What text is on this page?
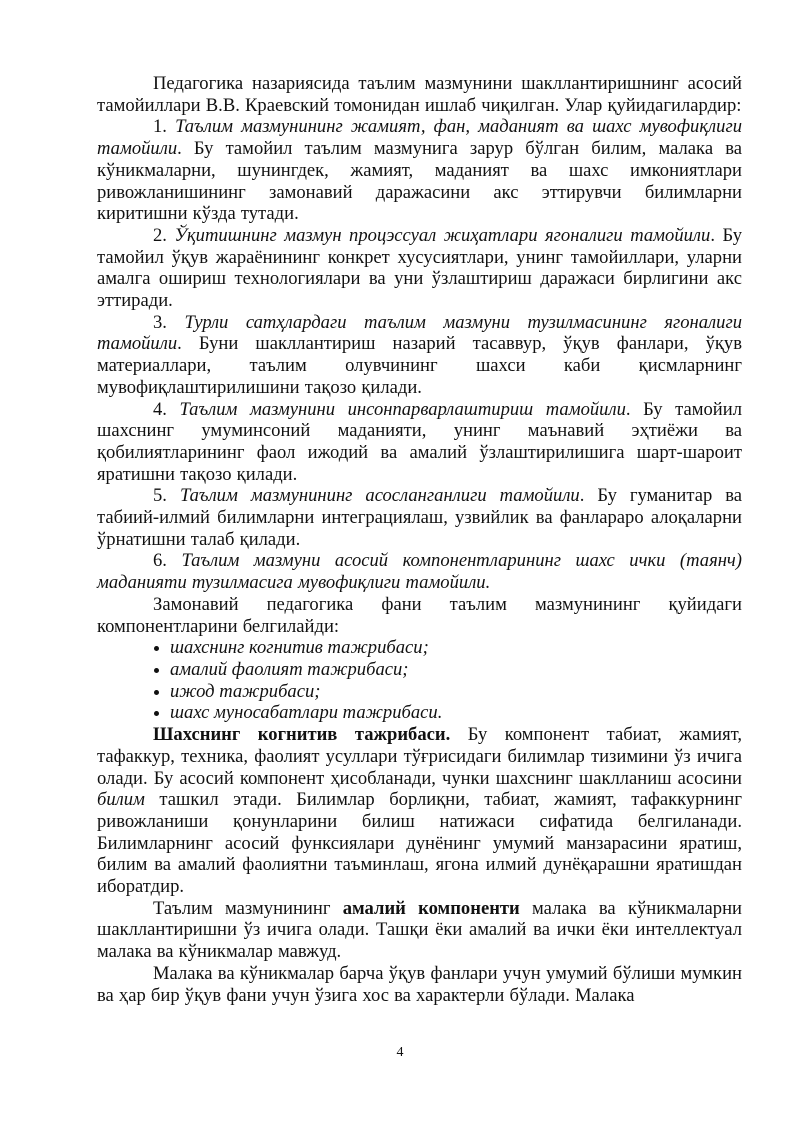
Педагогика назариясида таълим мазмунини шакллантиришнинг асосий тамойиллари В.В. Краевский томонидан ишлаб чиқилган. Улар қуйидагилардир:

1. Таълим мазмунининг жамият, фан, маданият ва шахс мувофиқлиги тамойили. Бу тамойил таълим мазмунига зарур бўлган билим, малака ва кўникмаларни, шунингдек, жамият, маданият ва шахс имкониятлари ривожланишининг замонавий даражасини акс эттирувчи билимларни киритишни кўзда тутади.

2. Ўқитишнинг мазмун процэссуал жиҳатлари ягоналиги тамойили. Бу тамойил ўқув жараёнининг конкрет хусусиятлари, унинг тамойиллари, уларни амалга ошириш технологиялари ва уни ўзлаштириш даражаси бирлигини акс эттиради.

3. Турли сатҳлардаги таълим мазмуни тузилмасининг ягоналиги тамойили. Буни шакллантириш назарий тасаввур, ўқув фанлари, ўқув материаллари, таълим олувчининг шахси каби қисмларнинг мувофиқлаштирилишини тақозо қилади.

4. Таълим мазмунини инсонпарварлаштириш тамойили. Бу тамойил шахснинг умуминсоний маданияти, унинг маънавий эҳтиёжи ва қобилиятларининг фаол ижодий ва амалий ўзлаштирилишига шарт-шароит яратишни тақозо қилади.

5. Таълим мазмунининг асосланганлиги тамойили. Бу гуманитар ва табиий-илмий билимларни интеграциялаш, узвийлик ва фанлараро алоқаларни ўрнатишни талаб қилади.

6. Таълим мазмуни асосий компонентларининг шахс ички (таянч) маданияти тузилмасига мувофиқлиги тамойили.

Замонавий педагогика фани таълим мазмунининг қуйидаги компонентларини белгилайди:

шахснинг когнитив тажрибаси;
амалий фаолият тажрибаси;
ижод тажрибаси;
шахс муносабатлари тажрибаси.

Шахснинг когнитив тажрибаси. Бу компонент табиат, жамият, тафаккур, техника, фаолият усуллари тўғрисидаги билимлар тизимини ўз ичига олади. Бу асосий компонент ҳисобланади, чунки шахснинг шаклланиш асосини билим ташкил этади. Билимлар борлиқни, табиат, жамият, тафаккурнинг ривожланиши қонунларини билиш натижаси сифатида белгиланади. Билимларнинг асосий функсиялари дунёнинг умумий манзарасини яратиш, билим ва амалий фаолиятни таъминлаш, ягона илмий дунёқарашни яратишдан иборатдир.

Таълим мазмунининг амалий компоненти малака ва кўникмаларни шакллантиришни ўз ичига олади. Ташқи ёки амалий ва ички ёки интеллектуал малака ва кўникмалар мавжуд.

Малака ва кўникмалар барча ўқув фанлари учун умумий бўлиши мумкин ва ҳар бир ўқув фани учун ўзига хос ва характерли бўлади. Малака

4
